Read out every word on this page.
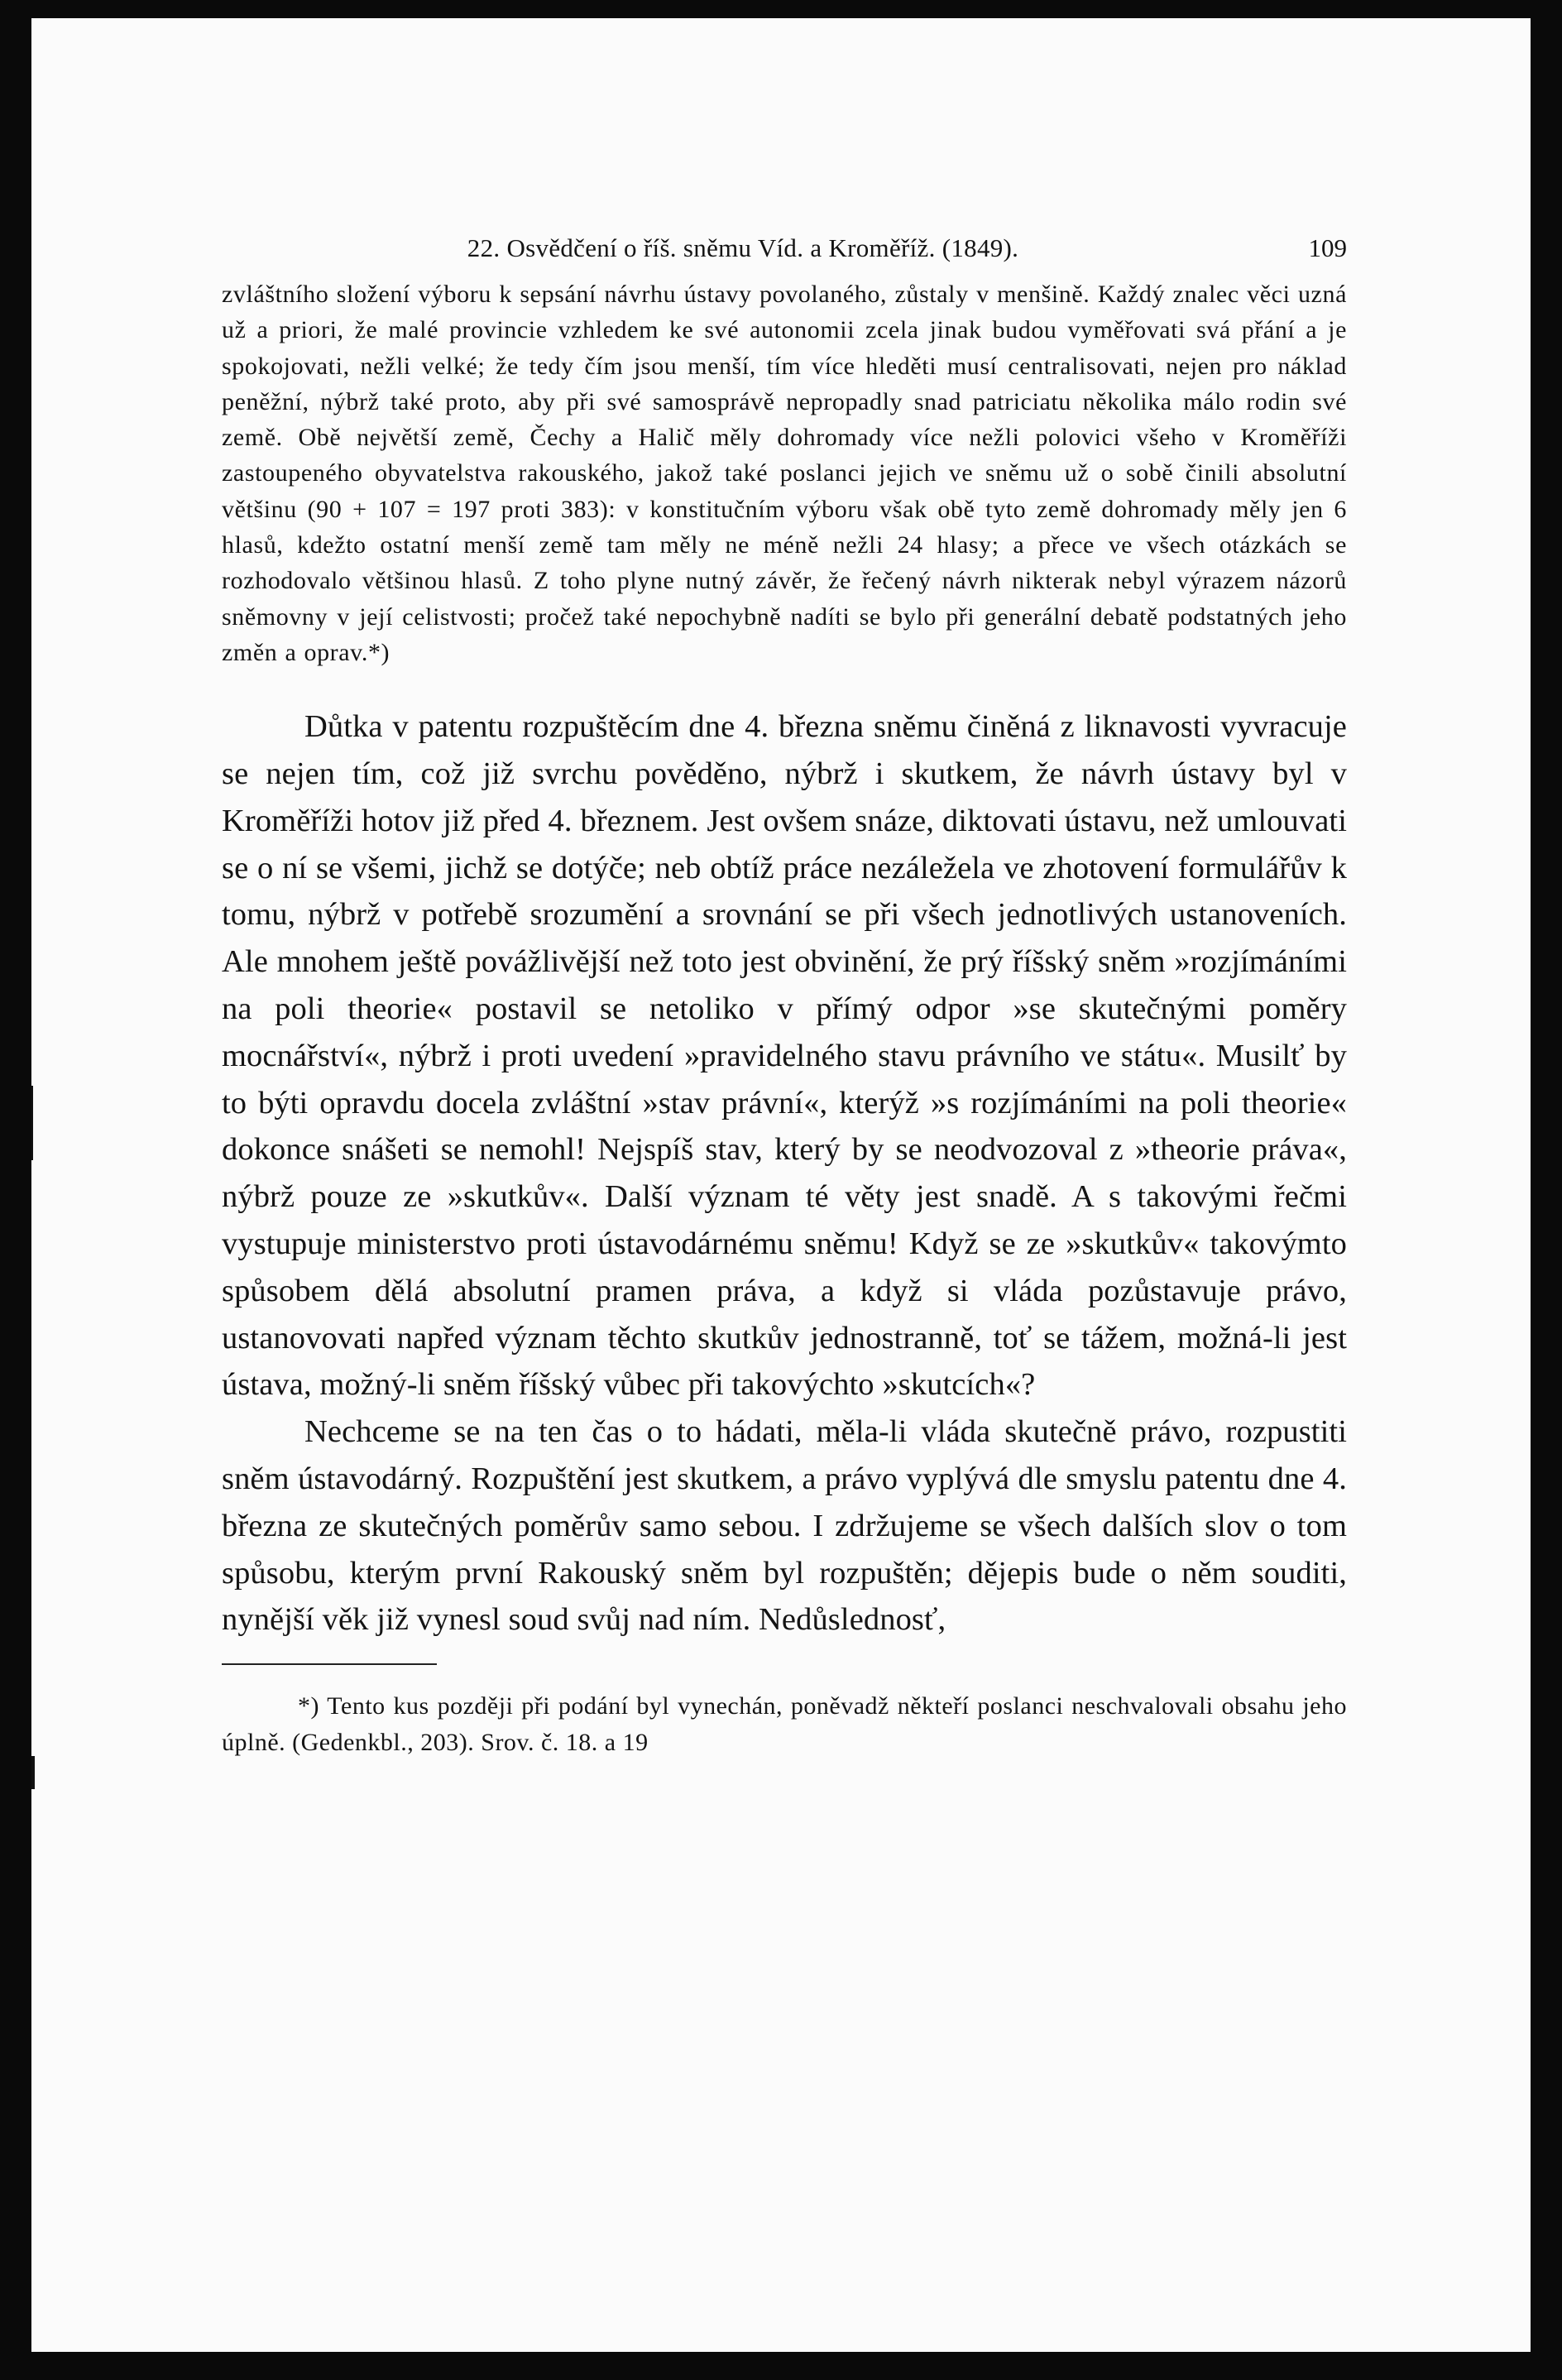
22. Osvědčení o říš. sněmu Víd. a Kroměříž. (1849).	109

zvláštního složení výboru k sepsání návrhu ústavy povolaného, zůstaly v menšině. Každý znalec věci uzná už a priori, že malé provincie vzhledem ke své autonomii zcela jinak budou vyměřovati svá přání a je spokojovati, nežli velké; že tedy čím jsou menší, tím více hleděti musí centralisovati, nejen pro náklad peněžní, nýbrž také proto, aby při své samosprávě nepropadly snad patriciatu několika málo rodin své země. Obě největší země, Čechy a Halič měly dohromady více nežli polovici všeho v Kroměříži zastoupeného obyvatelstva rakouského, jakož také poslanci jejich ve sněmu už o sobě činili absolutní většinu (90 + 107 = 197 proti 383): v konstitučním výboru však obě tyto země dohromady měly jen 6 hlasů, kdežto ostatní menší země tam měly ne méně nežli 24 hlasy; a přece ve všech otázkách se rozhodovalo většinou hlasů. Z toho plyne nutný závěr, že řečený návrh nikterak nebyl výrazem názorů sněmovny v její celistvosti; pročež také nepochybně nadíti se bylo při generální debatě podstatných jeho změn a oprav.*)

Důtka v patentu rozpuštěcím dne 4. března sněmu činěná z liknavosti vyvracuje se nejen tím, což již svrchu pověděno, nýbrž i skutkem, že návrh ústavy byl v Kroměříži hotov již před 4. březnem. Jest ovšem snáze, diktovati ústavu, než umlouvati se o ní se všemi, jichž se dotýče; neb obtíž práce nezáležela ve zhotovení formulářův k tomu, nýbrž v potřebě srozumění a srovnání se při všech jednotlivých ustanoveních. Ale mnohem ještě povážlivější než toto jest obvinění, že prý říšský sněm »rozjímáními na poli theorie« postavil se netoliko v přímý odpor »se skutečnými poměry mocnářství«, nýbrž i proti uvedení »pravidelného stavu právního ve státu«. Musilť by to býti opravdu docela zvláštní »stav právní«, kterýž »s rozjímáními na poli theorie« dokonce snášeti se nemohl! Nejspíš stav, který by se neodvozoval z »theorie práva«, nýbrž pouze ze »skutkův«. Další význam té věty jest snadě. A s takovými řečmi vystupuje ministerstvo proti ústavodárnému sněmu! Když se ze »skutkův« takovýmto spůsobem dělá absolutní pramen práva, a když si vláda pozůstavuje právo, ustanovovati napřed význam těchto skutkův jednostranně, toť se tážem, možná-li jest ústava, možný-li sněm říšský vůbec při takovýchto »skutcích«?

Nechceme se na ten čas o to hádati, měla-li vláda skutečně právo, rozpustiti sněm ústavodárný. Rozpuštění jest skutkem, a právo vyplývá dle smyslu patentu dne 4. března ze skutečných poměrův samo sebou. I zdržujeme se všech dalších slov o tom spůsobu, kterým první Rakouský sněm byl rozpuštěn; dějepis bude o něm souditi, nynější věk již vynesl soud svůj nad ním. Nedůslednosť,

*) Tento kus později při podání byl vynechán, poněvadž někteří poslanci neschvalovali obsahu jeho úplně. (Gedenkbl., 203). Srov. č. 18. a 19
